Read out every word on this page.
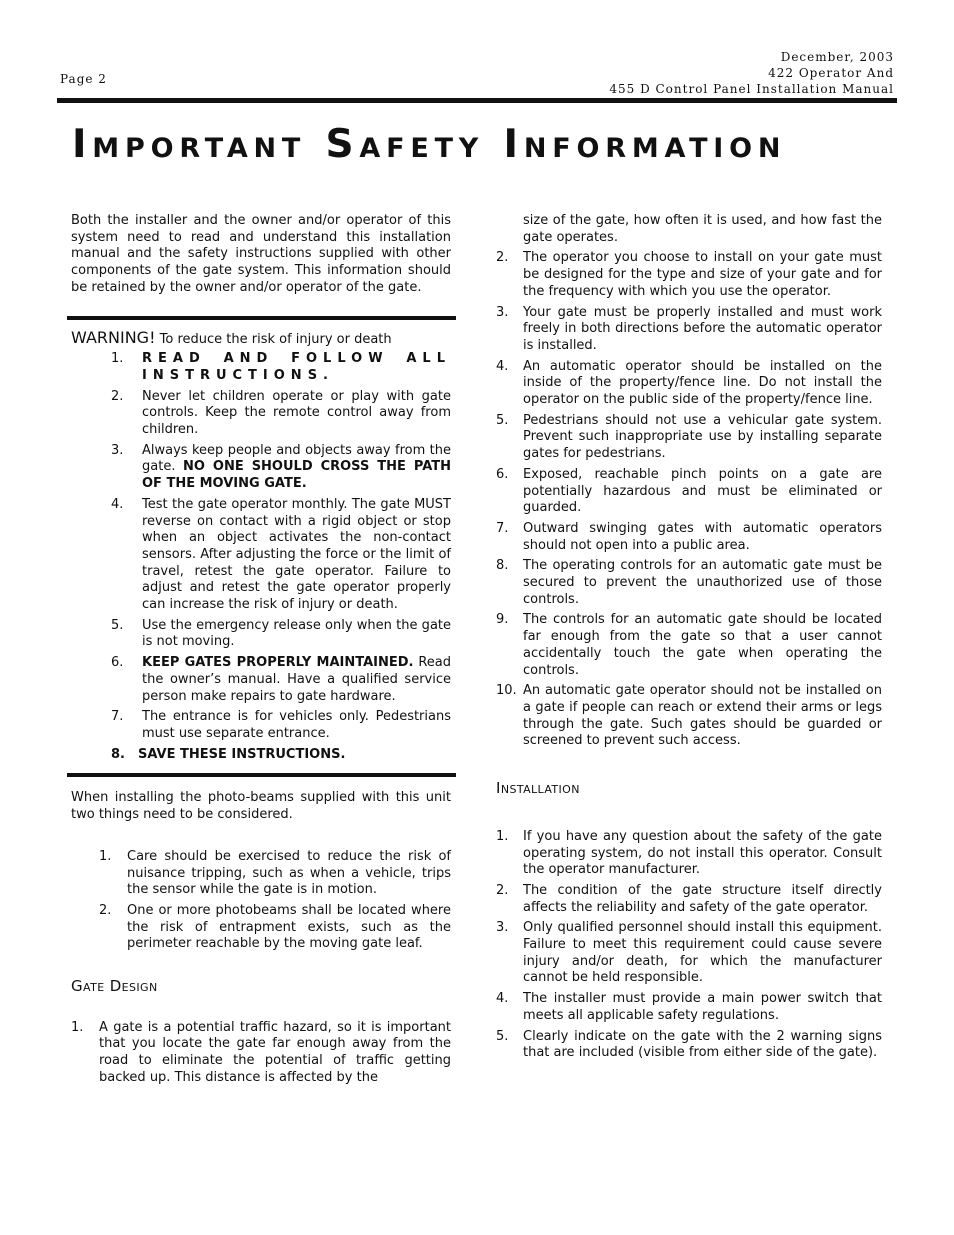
Page 2
December, 2003
422 Operator And
455 D Control Panel Installation Manual
Important Safety Information

Both the installer and the owner and/or operator of this system need to read and understand this installation manual and the safety instructions supplied with other components of the gate system. This information should be retained by the owner and/or operator of the gate.

WARNING! To reduce the risk of injury or death
1. READ AND FOLLOW ALL INSTRUCTIONS.
2. Never let children operate or play with gate controls. Keep the remote control away from children.
3. Always keep people and objects away from the gate. NO ONE SHOULD CROSS THE PATH OF THE MOVING GATE.
4. Test the gate operator monthly. The gate MUST reverse on contact with a rigid object or stop when an object activates the non-contact sensors. After adjusting the force or the limit of travel, retest the gate operator. Failure to adjust and retest the gate operator properly can increase the risk of injury or death.
5. Use the emergency release only when the gate is not moving.
6. KEEP GATES PROPERLY MAINTAINED. Read the owner’s manual. Have a qualified service person make repairs to gate hardware.
7. The entrance is for vehicles only. Pedestrians must use separate entrance.
8. SAVE THESE INSTRUCTIONS.

When installing the photo-beams supplied with this unit two things need to be considered.

1. Care should be exercised to reduce the risk of nuisance tripping, such as when a vehicle, trips the sensor while the gate is in motion.
2. One or more photobeams shall be located where the risk of entrapment exists, such as the perimeter reachable by the moving gate leaf.
Gate Design
1. A gate is a potential traffic hazard, so it is important that you locate the gate far enough away from the road to eliminate the potential of traffic getting backed up. This distance is affected by the
size of the gate, how often it is used, and how fast the gate operates.
2. The operator you choose to install on your gate must be designed for the type and size of your gate and for the frequency with which you use the operator.
3. Your gate must be properly installed and must work freely in both directions before the automatic operator is installed.
4. An automatic operator should be installed on the inside of the property/fence line. Do not install the operator on the public side of the property/fence line.
5. Pedestrians should not use a vehicular gate system. Prevent such inappropriate use by installing separate gates for pedestrians.
6. Exposed, reachable pinch points on a gate are potentially hazardous and must be eliminated or guarded.
7. Outward swinging gates with automatic operators should not open into a public area.
8. The operating controls for an automatic gate must be secured to prevent the unauthorized use of those controls.
9. The controls for an automatic gate should be located far enough from the gate so that a user cannot accidentally touch the gate when operating the controls.
10. An automatic gate operator should not be installed on a gate if people can reach or extend their arms or legs through the gate. Such gates should be guarded or screened to prevent such access.
Installation
1. If you have any question about the safety of the gate operating system, do not install this operator. Consult the operator manufacturer.
2. The condition of the gate structure itself directly affects the reliability and safety of the gate operator.
3. Only qualified personnel should install this equipment. Failure to meet this requirement could cause severe injury and/or death, for which the manufacturer cannot be held responsible.
4. The installer must provide a main power switch that meets all applicable safety regulations.
5. Clearly indicate on the gate with the 2 warning signs that are included (visible from either side of the gate).
